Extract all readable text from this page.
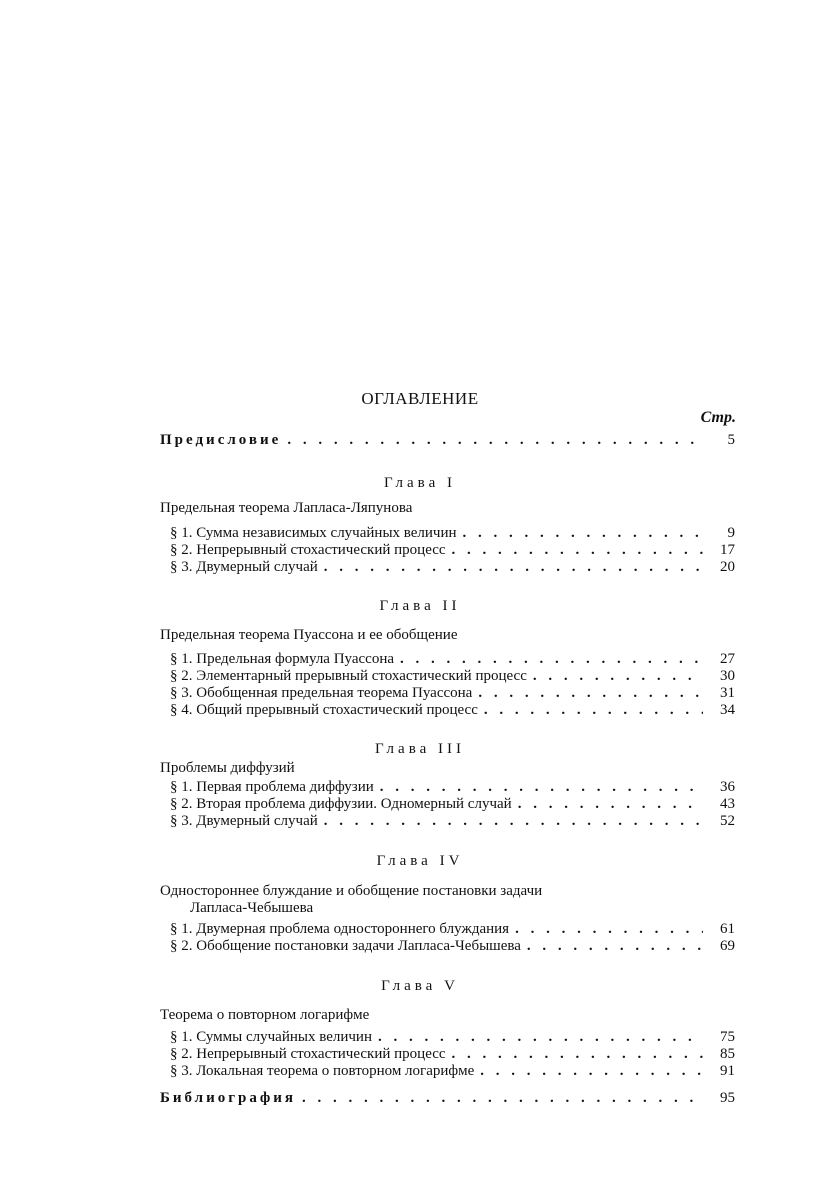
ОГЛАВЛЕНИЕ
Стр.
Предисловие . . .	5
Глава I
Предельная теорема Лапласа-Ляпунова
§ 1. Сумма независимых случайных величин . . .	9
§ 2. Непрерывный стохастический процесс . . .	17
§ 3. Двумерный случай . . .	20
Глава II
Предельная теорема Пуассона и ее обобщение
§ 1. Предельная формула Пуассона . . .	27
§ 2. Элементарный прерывный стохастический процесс . . .	30
§ 3. Обобщенная предельная теорема Пуассона . . .	31
§ 4. Общий прерывный стохастический процесс . . .	34
Глава III
Проблемы диффузий
§ 1. Первая проблема диффузии . . .	36
§ 2. Вторая проблема диффузии. Одномерный случай . . .	43
§ 3. Двумерный случай . . .	52
Глава IV
Одностороннее блуждание и обобщение постановки задачи
Лапласа-Чебышева
§ 1. Двумерная проблема одностороннего блуждания . . .	61
§ 2. Обобщение постановки задачи Лапласа-Чебышева . . .	69
Глава V
Теорема о повторном логарифме
§ 1. Суммы случайных величин . . .	75
§ 2. Непрерывный стохастический процесс . . .	85
§ 3. Локальная теорема о повторном логарифме . . .	91
Библиография . . .	95
